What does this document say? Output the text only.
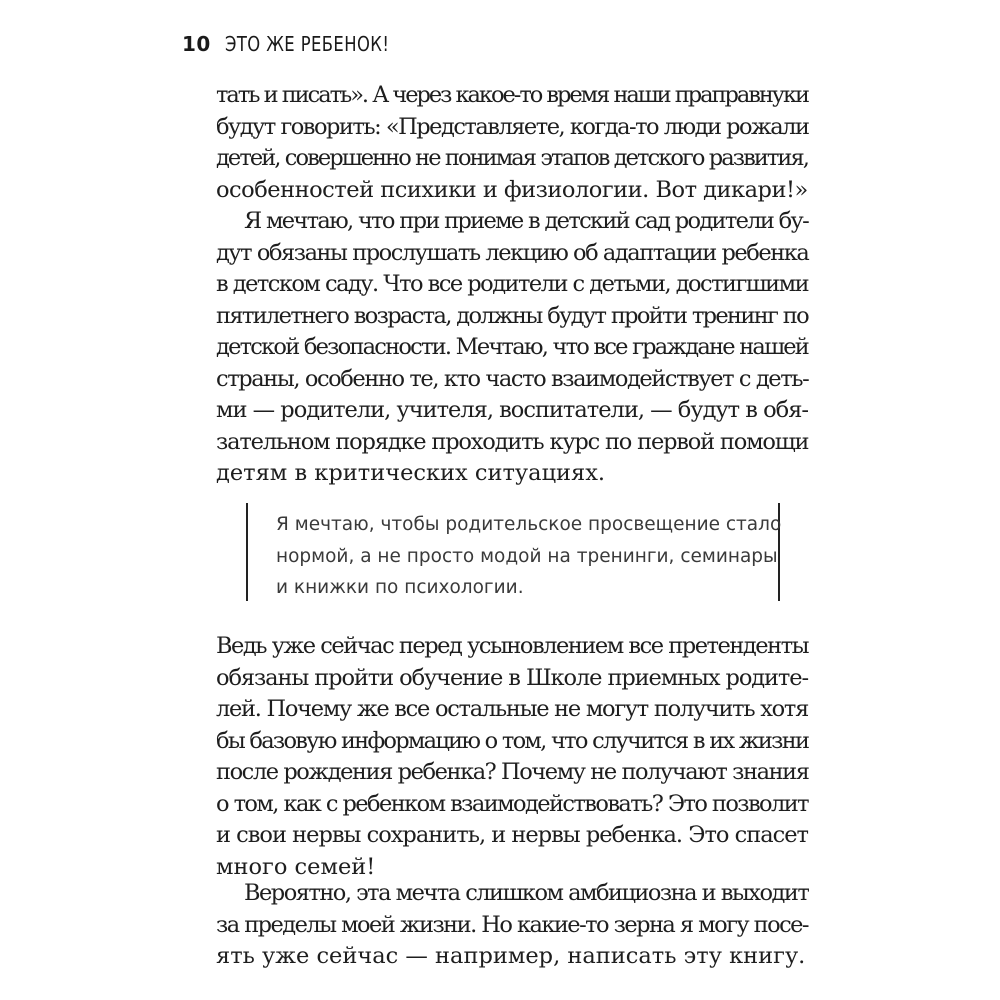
10 ЭТО ЖЕ РЕБЕНОК!
тать и писать». А через какое-то время наши праправнуки
будут говорить: «Представляете, когда-то люди рожали
детей, совершенно не понимая этапов детского развития,
особенностей психики и физиологии. Вот дикари!»
Я мечтаю, что при приеме в детский сад родители бу-
дут обязаны прослушать лекцию об адаптации ребенка
в детском саду. Что все родители с детьми, достигшими
пятилетнего возраста, должны будут пройти тренинг по
детской безопасности. Мечтаю, что все граждане нашей
страны, особенно те, кто часто взаимодействует с деть-
ми — родители, учителя, воспитатели, — будут в обя-
зательном порядке проходить курс по первой помощи
детям в критических ситуациях.

Я мечтаю, чтобы родительское просвещение стало
нормой, а не просто модой на тренинги, семинары
и книжки по психологии.

Ведь уже сейчас перед усыновлением все претенденты
обязаны пройти обучение в Школе приемных родите-
лей. Почему же все остальные не могут получить хотя
бы базовую информацию о том, что случится в их жизни
после рождения ребенка? Почему не получают знания
о том, как с ребенком взаимодействовать? Это позволит
и свои нервы сохранить, и нервы ребенка. Это спасет
много семей!
Вероятно, эта мечта слишком амбициозна и выходит
за пределы моей жизни. Но какие-то зерна я могу посе-
ять уже сейчас — например, написать эту книгу.
